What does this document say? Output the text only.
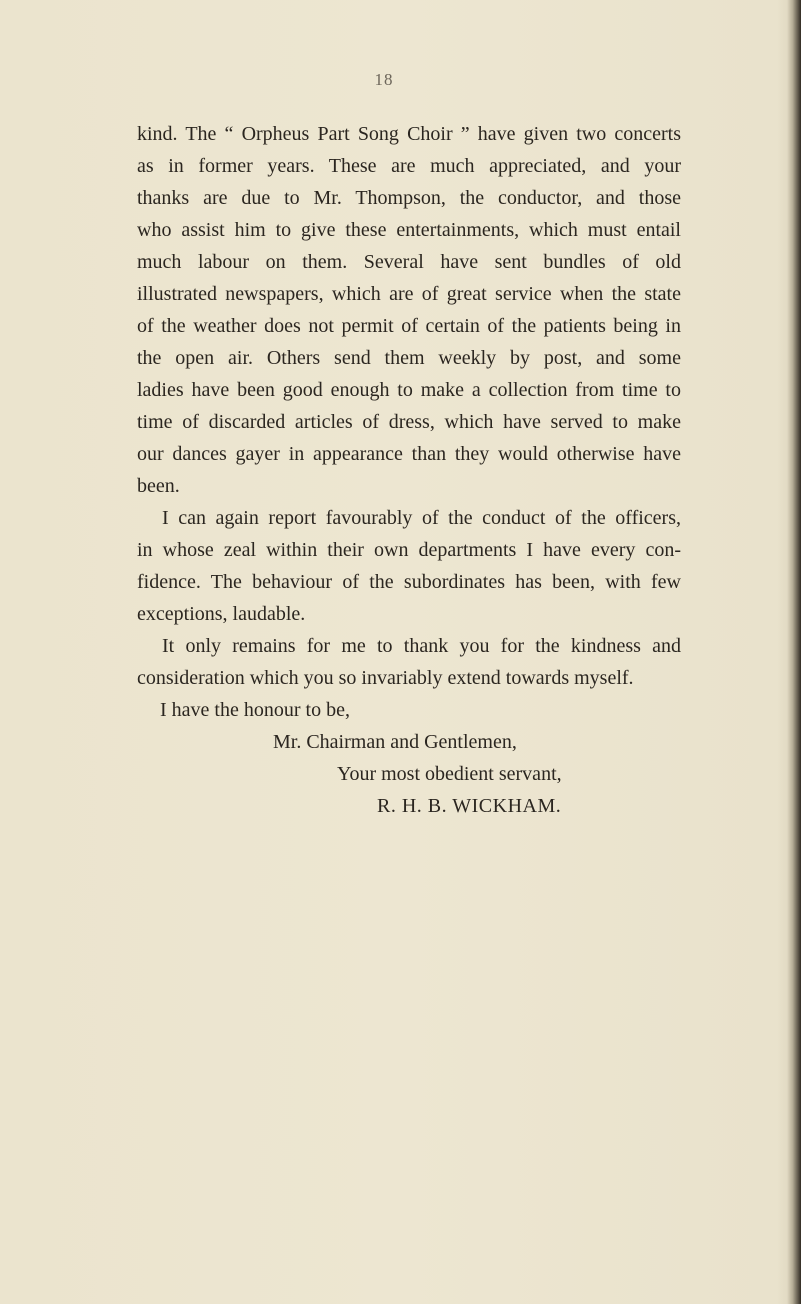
18
kind. The “ Orpheus Part Song Choir ” have given two concerts
as in former years. These are much appreciated, and your
thanks are due to Mr. Thompson, the conductor, and those
who assist him to give these entertainments, which must entail
much labour on them. Several have sent bundles of old
illustrated newspapers, which are of great service when the state
of the weather does not permit of certain of the patients being in
the open air. Others send them weekly by post, and some
ladies have been good enough to make a collection from time to
time of discarded articles of dress, which have served to make
our dances gayer in appearance than they would otherwise have
been.
I can again report favourably of the conduct of the officers,
in whose zeal within their own departments I have every con-
fidence. The behaviour of the subordinates has been, with few
exceptions, laudable.
It only remains for me to thank you for the kindness and
consideration which you so invariably extend towards myself.
I have the honour to be,
Mr. Chairman and Gentlemen,
Your most obedient servant,
R. H. B. WICKHAM.
